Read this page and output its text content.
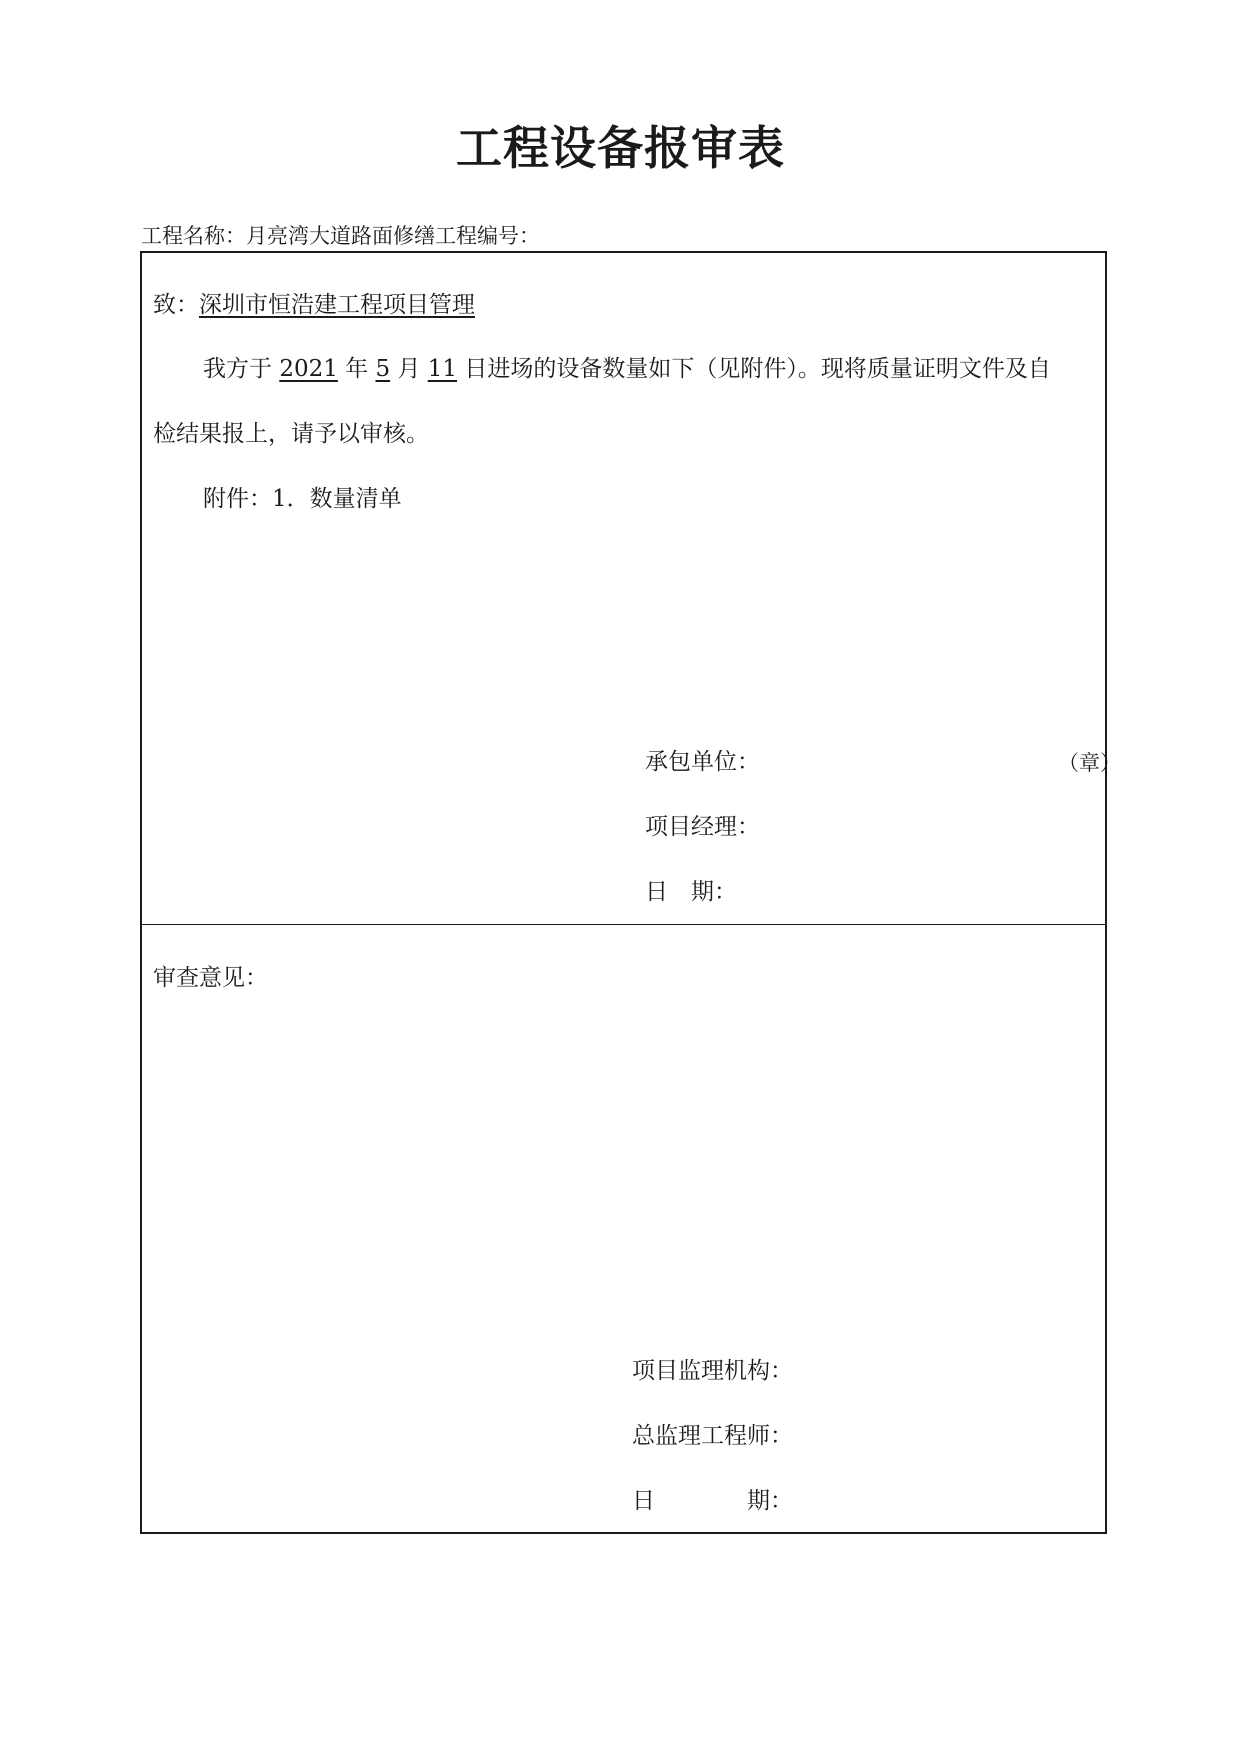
工程设备报审表
工程名称：月亮湾大道路面修缮工程编号：
致：深圳市恒浩建工程项目管理
我方于 2021 年 5 月 11 日进场的设备数量如下（见附件）。现将质量证明文件及自
检结果报上，请予以审核。
附件：1．数量清单
承包单位：	（章）
项目经理：
日　期：
审查意见：
项目监理机构：
总监理工程师：
日　　　　期：
